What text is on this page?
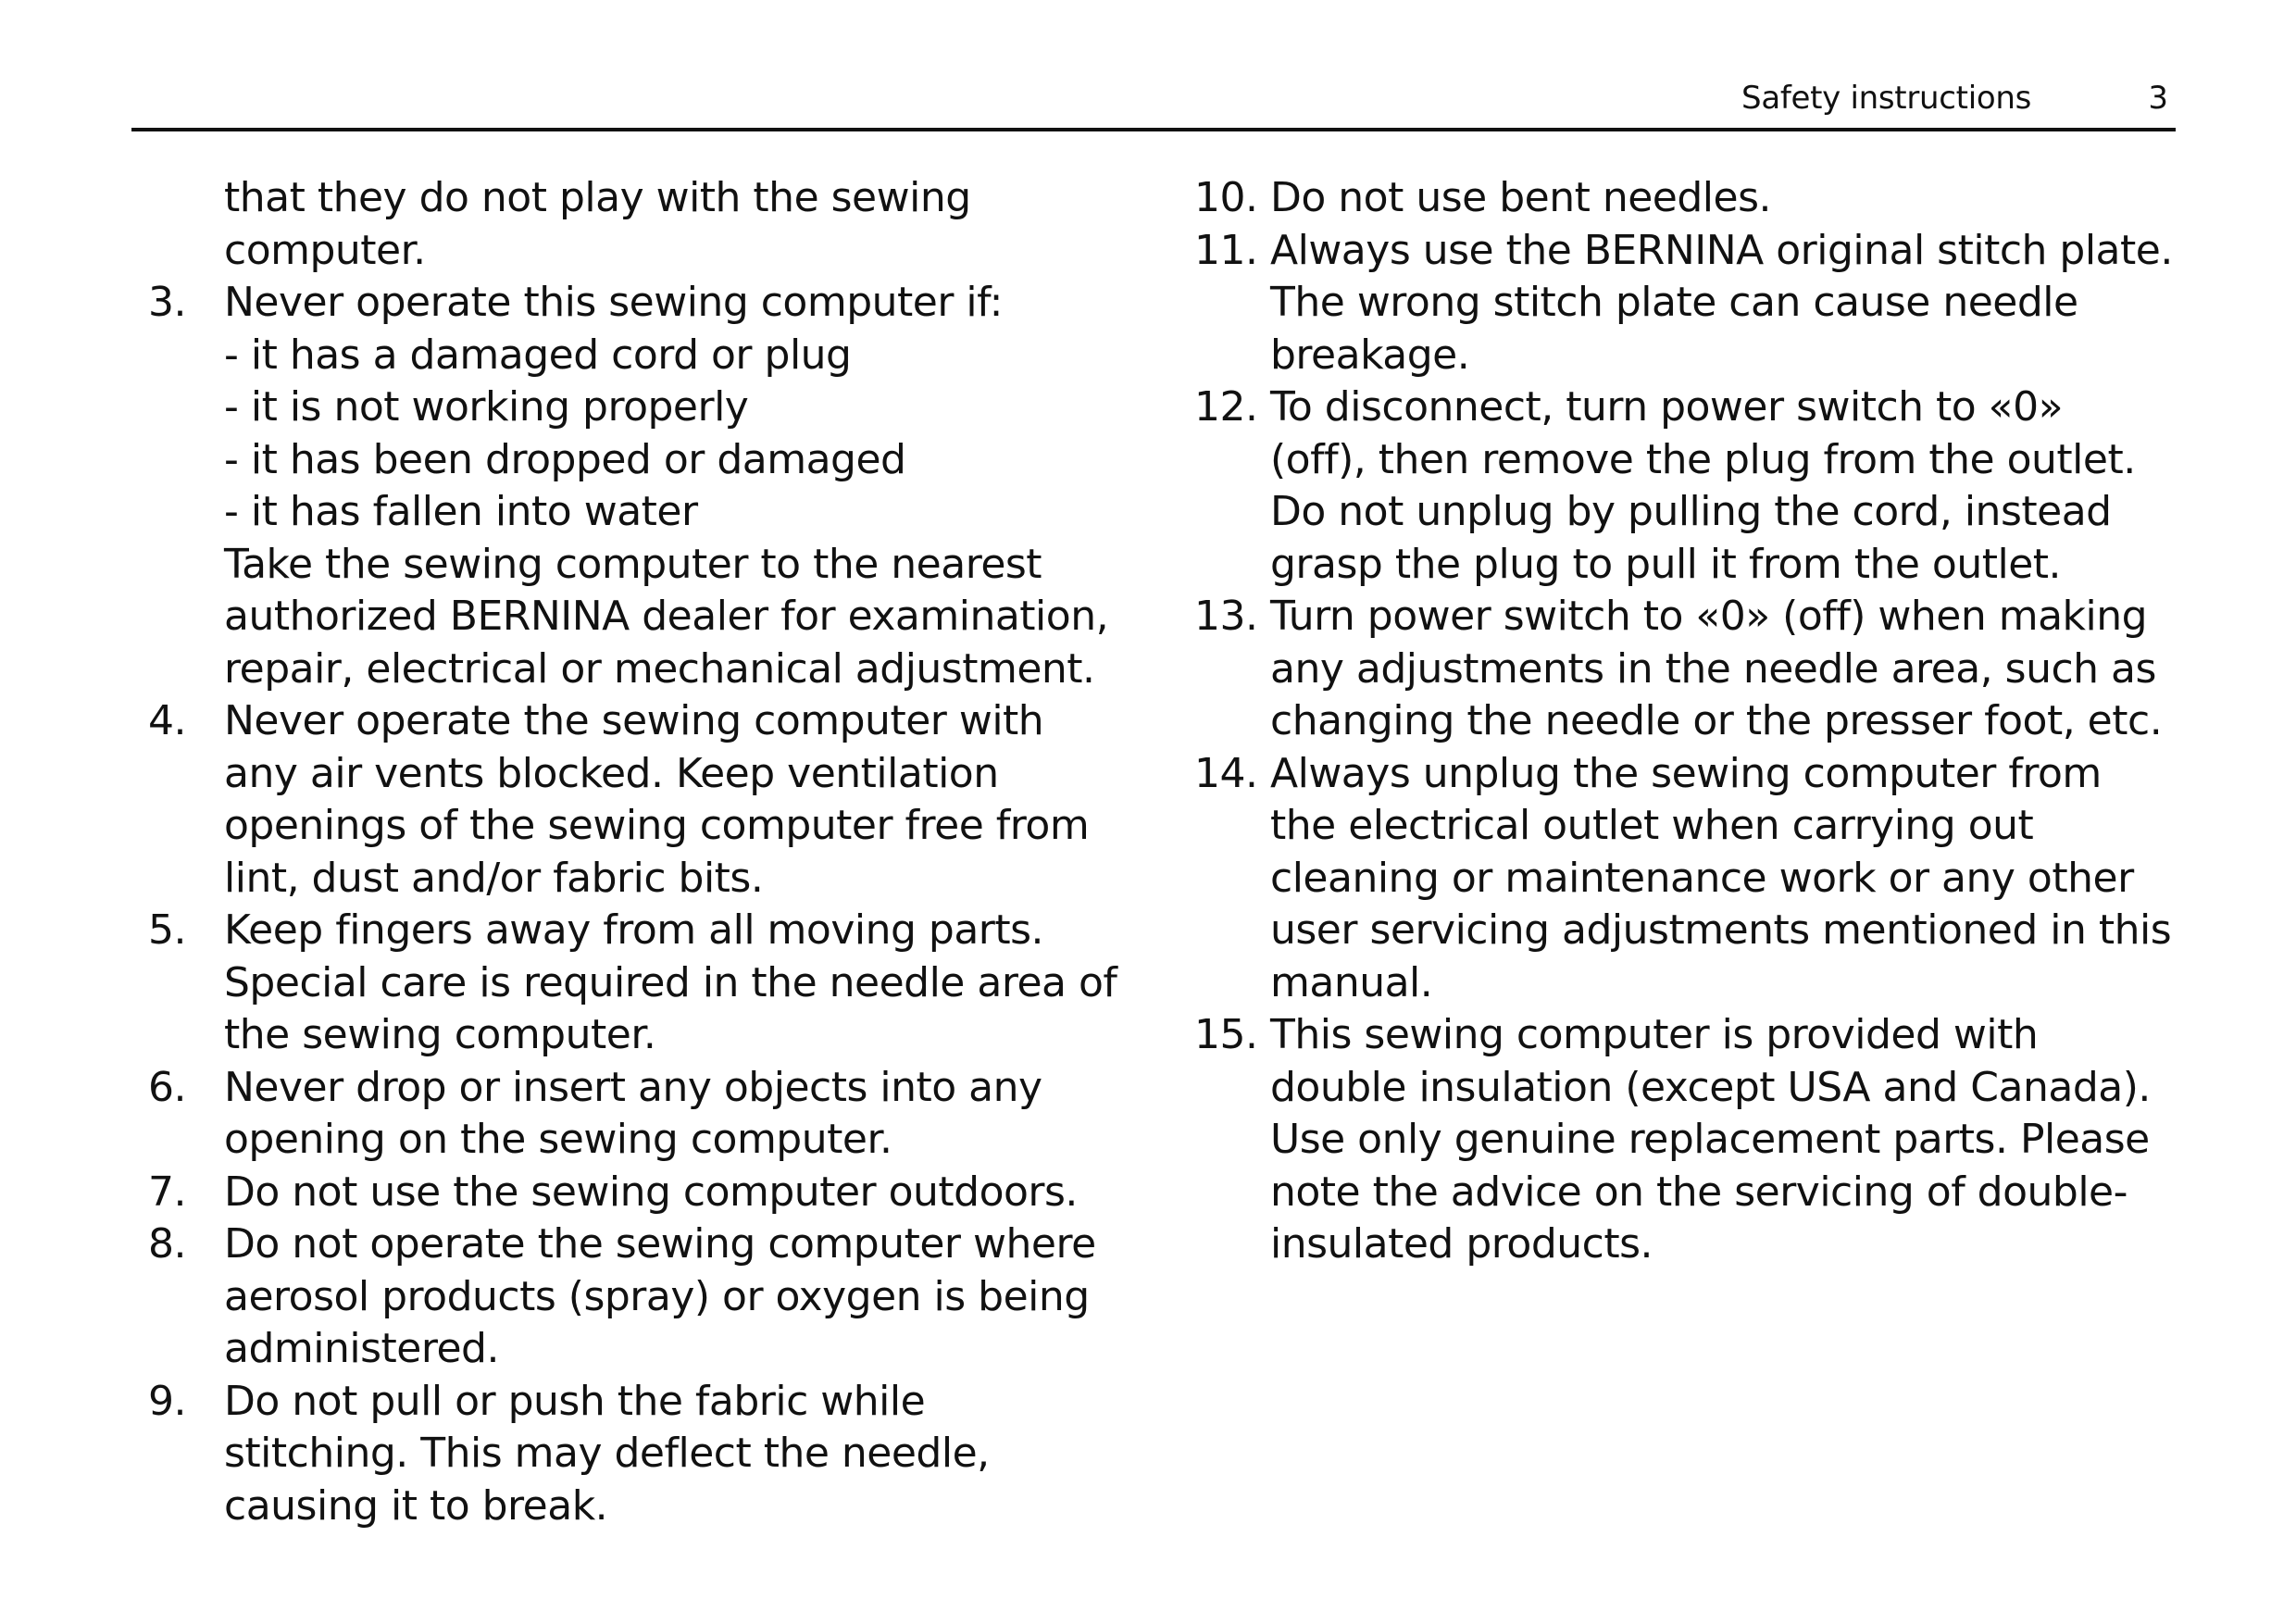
Safety instructions	3
that they do not play with the sewing
computer.
3. Never operate this sewing computer if:
- it has a damaged cord or plug
- it is not working properly
- it has been dropped or damaged
- it has fallen into water
Take the sewing computer to the nearest
authorized BERNINA dealer for examination,
repair, electrical or mechanical adjustment.
4. Never operate the sewing computer with
any air vents blocked. Keep ventilation
openings of the sewing computer free from
lint, dust and/or fabric bits.
5. Keep fingers away from all moving parts.
Special care is required in the needle area of
the sewing computer.
6. Never drop or insert any objects into any
opening on the sewing computer.
7. Do not use the sewing computer outdoors.
8. Do not operate the sewing computer where
aerosol products (spray) or oxygen is being
administered.
9. Do not pull or push the fabric while
stitching. This may deflect the needle,
causing it to break.
10. Do not use bent needles.
11. Always use the BERNINA original stitch plate.
The wrong stitch plate can cause needle
breakage.
12. To disconnect, turn power switch to «0»
(off), then remove the plug from the outlet.
Do not unplug by pulling the cord, instead
grasp the plug to pull it from the outlet.
13. Turn power switch to «0» (off) when making
any adjustments in the needle area, such as
changing the needle or the presser foot, etc.
14. Always unplug the sewing computer from
the electrical outlet when carrying out
cleaning or maintenance work or any other
user servicing adjustments mentioned in this
manual.
15. This sewing computer is provided with
double insulation (except USA and Canada).
Use only genuine replacement parts. Please
note the advice on the servicing of double-
insulated products.
